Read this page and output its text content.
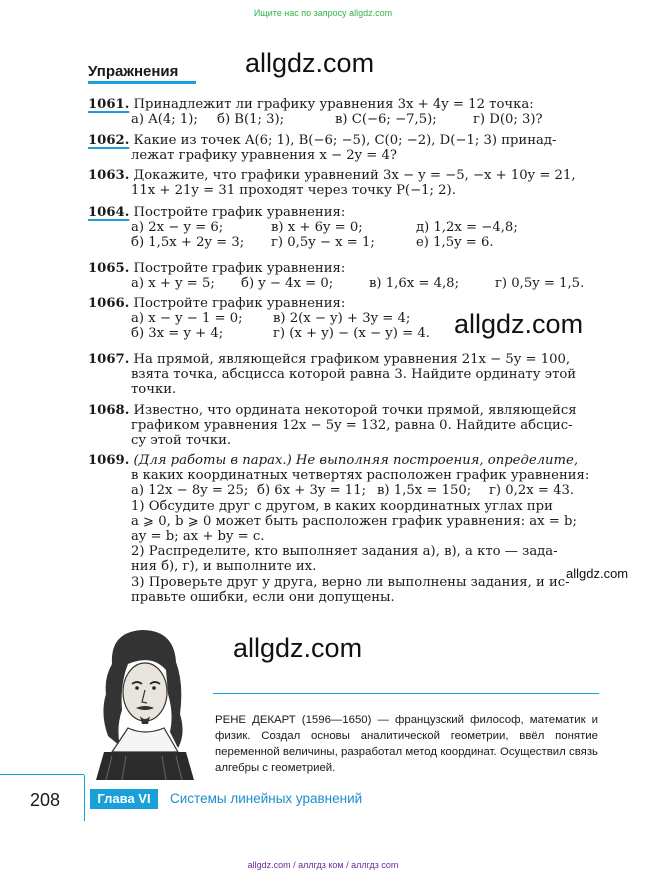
Ищите нас по запросу allgdz.com
allgdz.com
allgdz.com
allgdz.com
allgdz.com
Упражнения
1061. Принадлежит ли графику уравнения 3x + 4y = 12 точка:
а) A(4; 1);	б) B(1; 3);	в) C(−6; −7,5);	г) D(0; 3)?
1062. Какие из точек A(6; 1), B(−6; −5), C(0; −2), D(−1; 3) принад-
лежат графику уравнения x − 2y = 4?
1063. Докажите, что графики уравнений 3x − y = −5, −x + 10y = 21,
11x + 21y = 31 проходят через точку P(−1; 2).
1064. Постройте график уравнения:
а) 2x − y = 6;	в) x + 6y = 0;	д) 1,2x = −4,8;
б) 1,5x + 2y = 3;	г) 0,5y − x = 1;	е) 1,5y = 6.
1065. Постройте график уравнения:
а) x + y = 5;	б) y − 4x = 0;	в) 1,6x = 4,8;	г) 0,5y = 1,5.
1066. Постройте график уравнения:
а) x − y − 1 = 0;	в) 2(x − y) + 3y = 4;
б) 3x = y + 4;	г) (x + y) − (x − y) = 4.
1067. На прямой, являющейся графиком уравнения 21x − 5y = 100,
взята точка, абсцисса которой равна 3. Найдите ординату этой
точки.
1068. Известно, что ордината некоторой точки прямой, являющейся
графиком уравнения 12x − 5y = 132, равна 0. Найдите абсцис-
су этой точки.
1069. (Для работы в парах.) Не выполняя построения, определите,
в каких координатных четвертях расположен график уравнения:
а) 12x − 8y = 25; б) 6x + 3y = 11; в) 1,5x = 150;	г) 0,2x = 43.
1) Обсудите друг с другом, в каких координатных углах при
a ⩾ 0, b ⩾ 0 может быть расположен график уравнения: ax = b;
ay = b; ax + by = c.
2) Распределите, кто выполняет задания а), в), а кто — зада-
ния б), г), и выполните их.
3) Проверьте друг у друга, верно ли выполнены задания, и ис-
правьте ошибки, если они допущены.
РЕНЕ ДЕКАРТ (1596—1650) — французский философ, математик и физик. Создал основы аналитической геометрии, ввёл понятие переменной величины, разработал метод координат. Осуществил связь алгебры с геометрией.
208	Глава VI	Системы линейных уравнений
allgdz.com / аллгдз ком / аллгдз com
